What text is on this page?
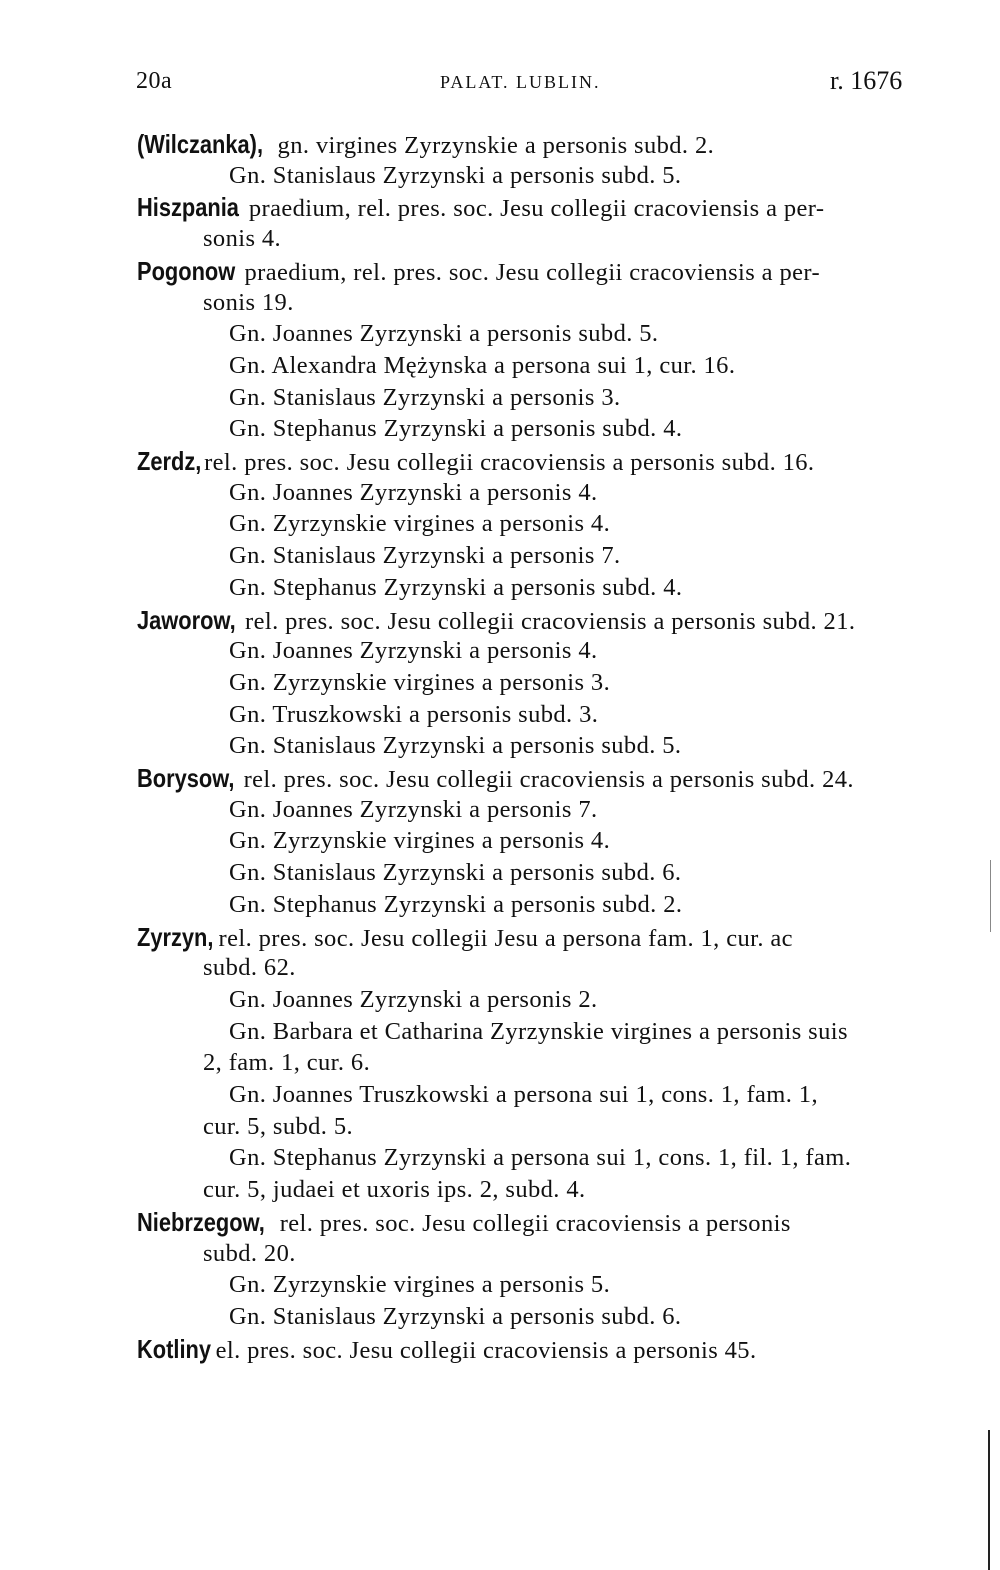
20a	PALAT. LUBLIN.	r. 1676
(Wilczanka), gn. virgines Zyrzynskie a personis subd. 2.
Gn. Stanislaus Zyrzynski a personis subd. 5.
Hiszpania praedium, rel. pres. soc. Jesu collegii cracoviensis a per-
sonis 4.
Pogonow praedium, rel. pres. soc. Jesu collegii cracoviensis a per-
sonis 19.
Gn. Joannes Zyrzynski a personis subd. 5.
Gn. Alexandra Mężynska a persona sui 1, cur. 16.
Gn. Stanislaus Zyrzynski a personis 3.
Gn. Stephanus Zyrzynski a personis subd. 4.
Zerdz, rel. pres. soc. Jesu collegii cracoviensis a personis subd. 16.
Gn. Joannes Zyrzynski a personis 4.
Gn. Zyrzynskie virgines a personis 4.
Gn. Stanislaus Zyrzynski a personis 7.
Gn. Stephanus Zyrzynski a personis subd. 4.
Jaworow, rel. pres. soc. Jesu collegii cracoviensis a personis subd. 21.
Gn. Joannes Zyrzynski a personis 4.
Gn. Zyrzynskie virgines a personis 3.
Gn. Truszkowski a personis subd. 3.
Gn. Stanislaus Zyrzynski a personis subd. 5.
Borysow, rel. pres. soc. Jesu collegii cracoviensis a personis subd. 24.
Gn. Joannes Zyrzynski a personis 7.
Gn. Zyrzynskie virgines a personis 4.
Gn. Stanislaus Zyrzynski a personis subd. 6.
Gn. Stephanus Zyrzynski a personis subd. 2.
Zyrzyn, rel. pres. soc. Jesu collegii Jesu a persona fam. 1, cur. ac
subd. 62.
Gn. Joannes Zyrzynski a personis 2.
Gn. Barbara et Catharina Zyrzynskie virgines a personis suis
2, fam. 1, cur. 6.
Gn. Joannes Truszkowski a persona sui 1, cons. 1, fam. 1,
cur. 5, subd. 5.
Gn. Stephanus Zyrzynski a persona sui 1, cons. 1, fil. 1, fam.
cur. 5, judaei et uxoris ips. 2, subd. 4.
Niebrzegow, rel. pres. soc. Jesu collegii cracoviensis a personis
subd. 20.
Gn. Zyrzynskie virgines a personis 5.
Gn. Stanislaus Zyrzynski a personis subd. 6.
Kotliny el. pres. soc. Jesu collegii cracoviensis a personis 45.
